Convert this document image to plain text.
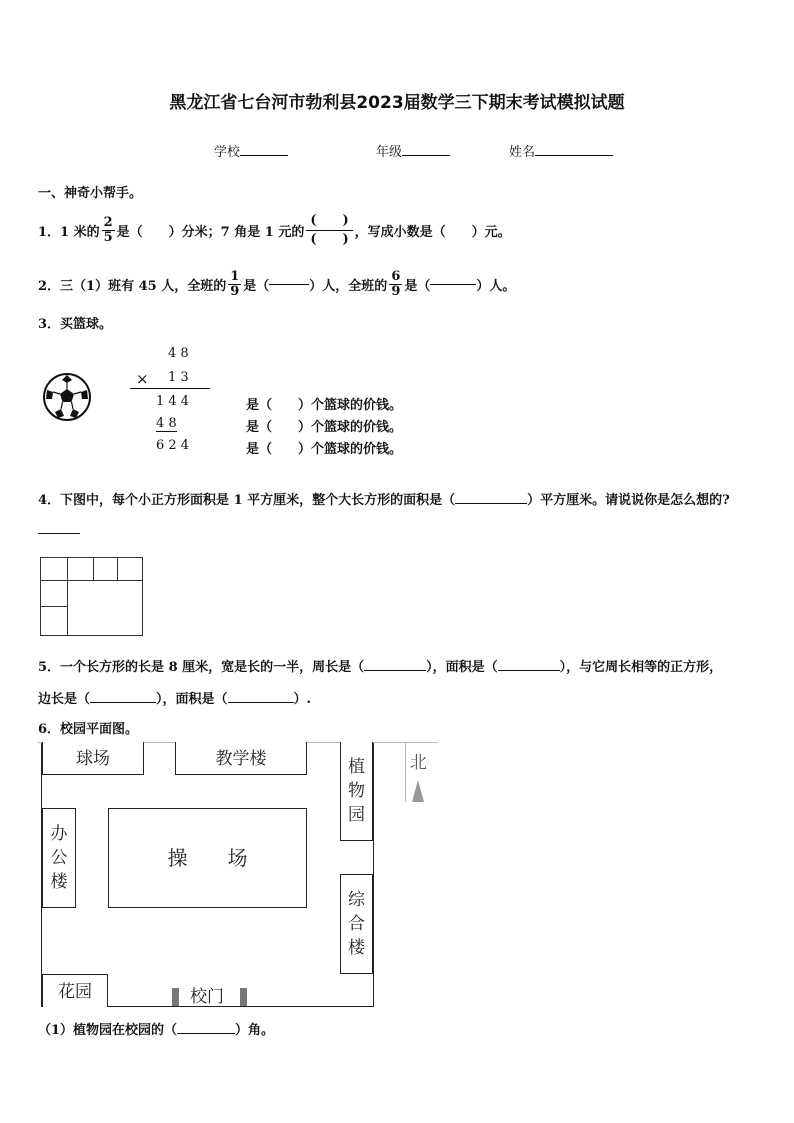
黑龙江省七台河市勃利县2023届数学三下期末考试模拟试题
学校	年级	姓名
一、神奇小帮手。
1．1 米的 $\frac{2}{5}$ 是（　　）分米；7 角是 1 元的 $\frac{( )}{( )}$ ，写成小数是（　　）元。
2．三（1）班有 45 人，全班的 $\frac{1}{9}$ 是（	）人，全班的 $\frac{6}{9}$ 是（	）人。
3．买篮球。
4 8
× 1 3
1 4 4
4 8
6 2 4
是（　　）个篮球的价钱。
是（　　）个篮球的价钱。
是（　　）个篮球的价钱。
4．下图中，每个小正方形面积是 1 平方厘米，整个大长方形的面积是（	）平方厘米。请说说你是怎么想的?
5．一个长方形的长是 8 厘米，宽是长的一半，周长是（	），面积是（	），与它周长相等的正方形，
边长是（	），面积是（	）.
6．校园平面图。
球场	教学楼	植
物
园
北
办
公
楼
操　　场
综
合
楼
花园	校门
（1）植物园在校园的（	）角。
